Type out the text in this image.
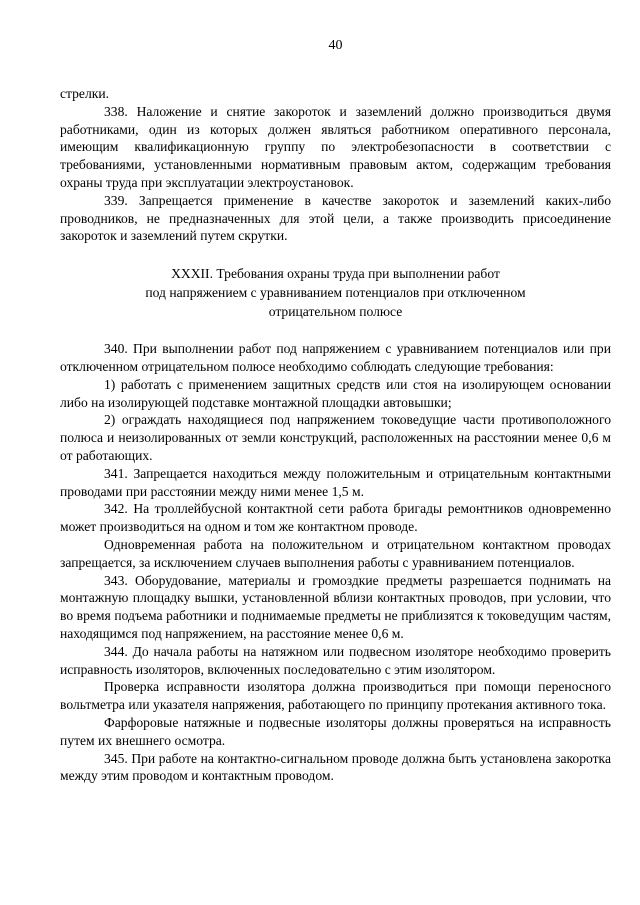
40

стрелки.

338. Наложение и снятие закороток и заземлений должно производиться двумя работниками, один из которых должен являться работником оперативного персонала, имеющим квалификационную группу по электробезопасности в соответствии с требованиями, установленными нормативным правовым актом, содержащим требования охраны труда при эксплуатации электроустановок.

339. Запрещается применение в качестве закороток и заземлений каких-либо проводников, не предназначенных для этой цели, а также производить присоединение закороток и заземлений путем скрутки.

XXXII. Требования охраны труда при выполнении работ
под напряжением с уравниванием потенциалов при отключенном
отрицательном полюсе

340. При выполнении работ под напряжением с уравниванием потенциалов или при отключенном отрицательном полюсе необходимо соблюдать следующие требования:

1) работать с применением защитных средств или стоя на изолирующем основании либо на изолирующей подставке монтажной площадки автовышки;

2) ограждать находящиеся под напряжением токоведущие части противоположного полюса и неизолированных от земли конструкций, расположенных на расстоянии менее 0,6 м от работающих.

341. Запрещается находиться между положительным и отрицательным контактными проводами при расстоянии между ними менее 1,5 м.

342. На троллейбусной контактной сети работа бригады ремонтников одновременно может производиться на одном и том же контактном проводе.

Одновременная работа на положительном и отрицательном контактном проводах запрещается, за исключением случаев выполнения работы с уравниванием потенциалов.

343. Оборудование, материалы и громоздкие предметы разрешается поднимать на монтажную площадку вышки, установленной вблизи контактных проводов, при условии, что во время подъема работники и поднимаемые предметы не приблизятся к токоведущим частям, находящимся под напряжением, на расстояние менее 0,6 м.

344. До начала работы на натяжном или подвесном изоляторе необходимо проверить исправность изоляторов, включенных последовательно с этим изолятором.

Проверка исправности изолятора должна производиться при помощи переносного вольтметра или указателя напряжения, работающего по принципу протекания активного тока.

Фарфоровые натяжные и подвесные изоляторы должны проверяться на исправность путем их внешнего осмотра.

345. При работе на контактно-сигнальном проводе должна быть установлена закоротка между этим проводом и контактным проводом.
